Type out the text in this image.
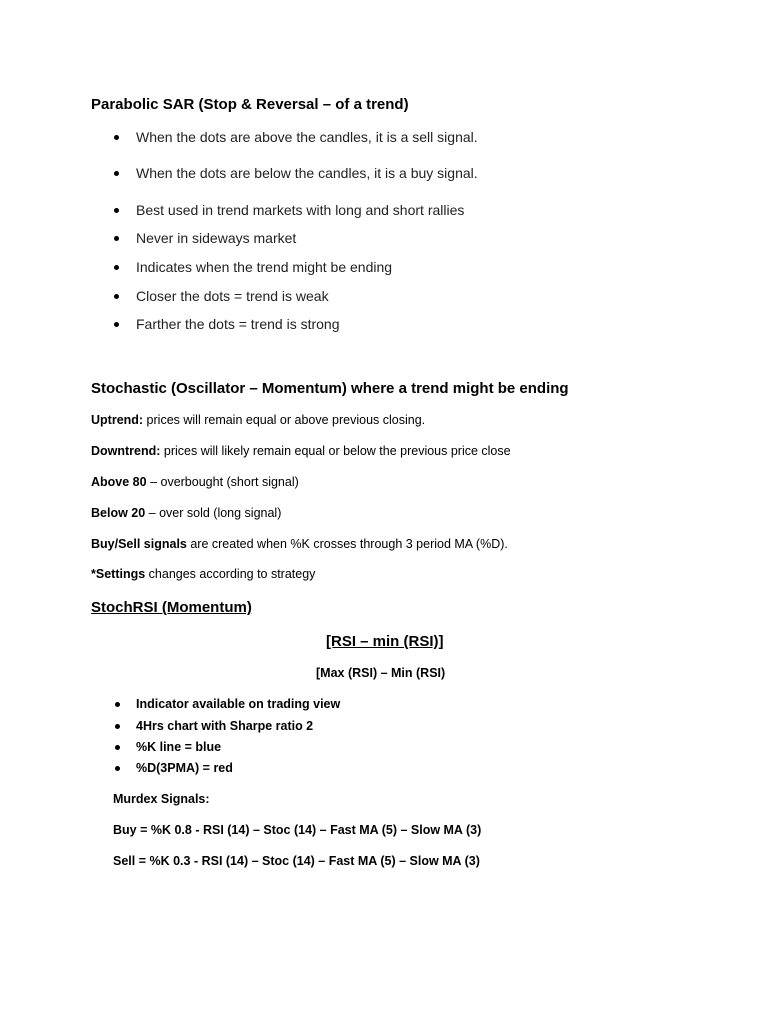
Parabolic SAR (Stop & Reversal – of a trend)
When the dots are above the candles, it is a sell signal.
When the dots are below the candles, it is a buy signal.
Best used in trend markets with long and short rallies
Never in sideways market
Indicates when the trend might be ending
Closer the dots = trend is weak
Farther the dots = trend is strong
Stochastic (Oscillator – Momentum) where a trend might be ending
Uptrend: prices will remain equal or above previous closing.
Downtrend: prices will likely remain equal or below the previous price close
Above 80 – overbought (short signal)
Below 20 – over sold (long signal)
Buy/Sell signals are created when %K crosses through 3 period MA (%D).
*Settings changes according to strategy
StochRSI (Momentum)
[RSI – min (RSI)]
[Max (RSI) – Min (RSI)
Indicator available on trading view
4Hrs chart with Sharpe ratio 2
%K line = blue
%D(3PMA) = red
Murdex Signals:
Buy = %K 0.8 - RSI (14) – Stoc (14) – Fast MA (5) – Slow MA (3)
Sell = %K 0.3 - RSI (14) – Stoc (14) – Fast MA (5) – Slow MA (3)
